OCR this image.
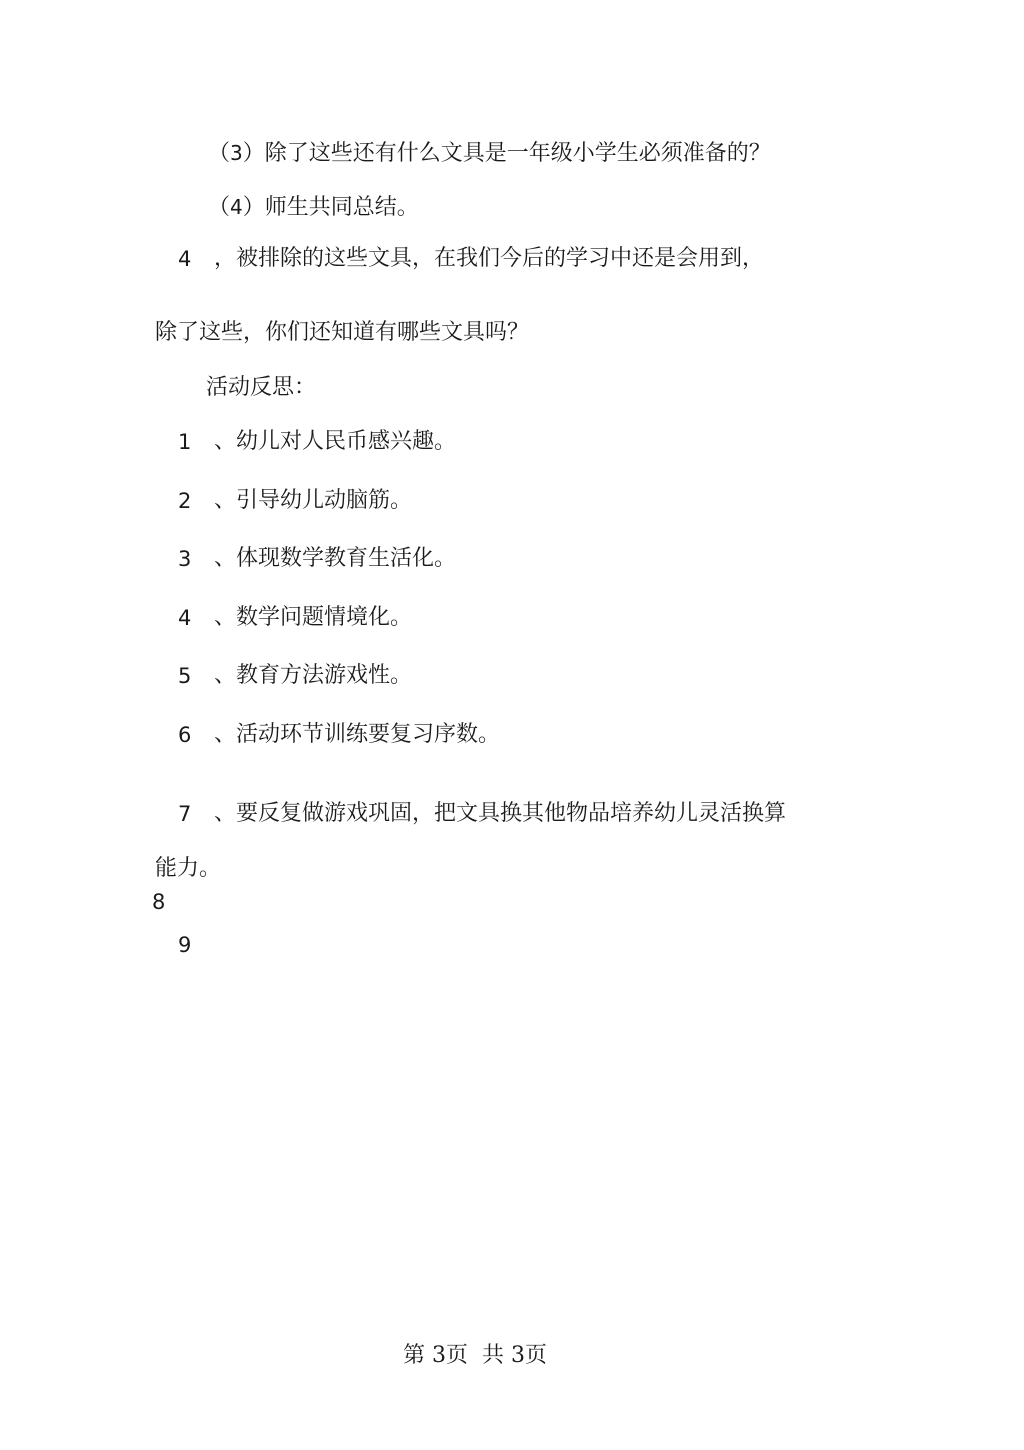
（3）除了这些还有什么文具是一年级小学生必须准备的？
（4）师生共同总结。
4 ，被排除的这些文具，在我们今后的学习中还是会用到，
除了这些，你们还知道有哪些文具吗？
活动反思：
1 、幼儿对人民币感兴趣。
2 、引导幼儿动脑筋。
3 、体现数学教育生活化。
4 、数学问题情境化。
5 、教育方法游戏性。
6 、活动环节训练要复习序数。
7 、要反复做游戏巩固，把文具换其他物品培养幼儿灵活换算
能力。
8
9
第 3页  共 3页
